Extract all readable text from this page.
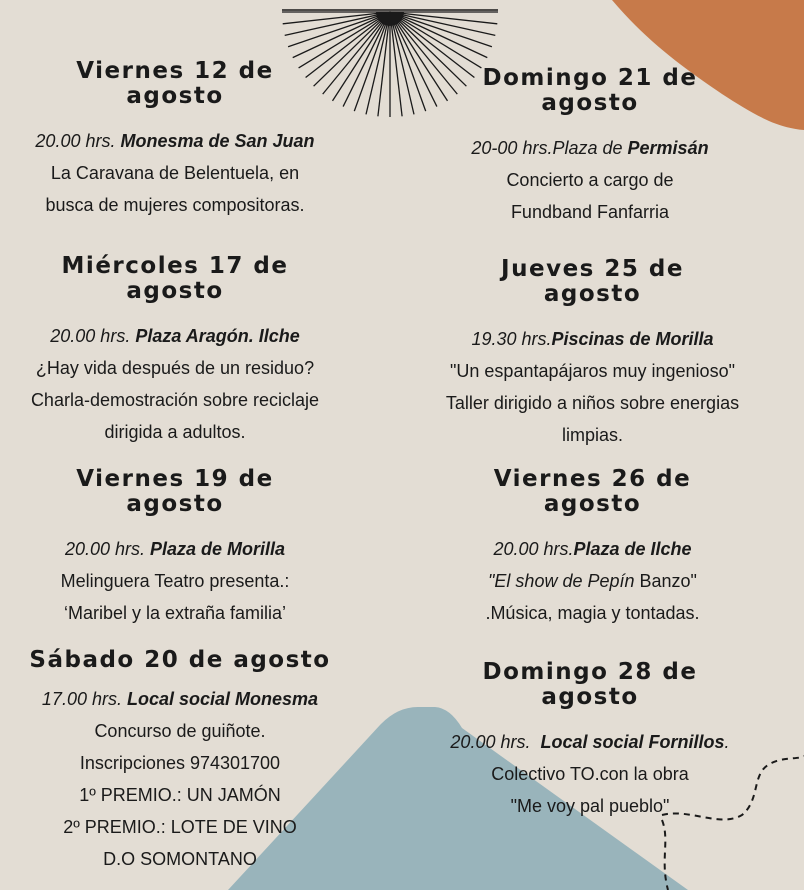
Viernes 12 de
agosto
20.00 hrs. Monesma de San Juan
La Caravana de Belentuela, en
busca de mujeres compositoras.
Miércoles 17 de
agosto
20.00 hrs. Plaza Aragón. Ilche
¿Hay vida después de un residuo?
Charla-demostración sobre reciclaje
dirigida a adultos.
Viernes 19 de
agosto
20.00 hrs. Plaza de Morilla
Melinguera Teatro presenta.:
‘Maribel y la extraña familia’
Sábado 20 de agosto
17.00 hrs. Local social Monesma
Concurso de guiñote.
Inscripciones 974301700
1º PREMIO.: UN JAMÓN
2º PREMIO.: LOTE DE VINO
D.O SOMONTANO
Domingo 21 de
agosto
20-00 hrs.Plaza de Permisán
Concierto a cargo de
Fundband Fanfarria
Jueves 25 de
agosto
19.30 hrs.Piscinas de Morilla
"Un espantapájaros muy ingenioso"
Taller dirigido a niños sobre energias
limpias.
Viernes 26 de
agosto
20.00 hrs.Plaza de Ilche
"El show de Pepín Banzo"
.Música, magia y tontadas.
Domingo 28 de
agosto
20.00 hrs. Local social Fornillos.
Colectivo TO.con la obra
"Me voy pal pueblo"
